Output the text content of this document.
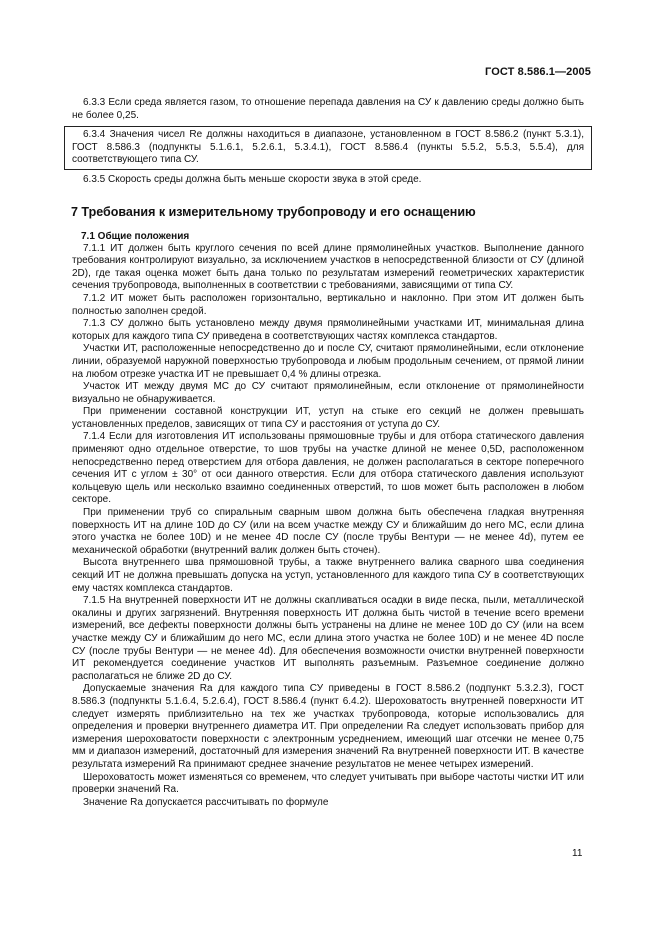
ГОСТ 8.586.1—2005

6.3.3 Если среда является газом, то отношение перепада давления на СУ к давлению среды должно быть не более 0,25.

6.3.4 Значения чисел Re должны находиться в диапазоне, установленном в ГОСТ 8.586.2 (пункт 5.3.1), ГОСТ 8.586.3 (подпункты 5.1.6.1, 5.2.6.1, 5.3.4.1), ГОСТ 8.586.4 (пункты 5.5.2, 5.5.3, 5.5.4), для соответствующего типа СУ.

6.3.5 Скорость среды должна быть меньше скорости звука в этой среде.

7 Требования к измерительному трубопроводу и его оснащению
7.1 Общие положения

7.1.1 ИТ должен быть круглого сечения по всей длине прямолинейных участков. Выполнение данного требования контролируют визуально, за исключением участков в непосредственной близости от СУ (длиной 2D), где такая оценка может быть дана только по результатам измерений геометрических характеристик сечения трубопровода, выполненных в соответствии с требованиями, зависящими от типа СУ.

7.1.2 ИТ может быть расположен горизонтально, вертикально и наклонно. При этом ИТ должен быть полностью заполнен средой.

7.1.3 СУ должно быть установлено между двумя прямолинейными участками ИТ, минимальная длина которых для каждого типа СУ приведена в соответствующих частях комплекса стандартов.

Участки ИТ, расположенные непосредственно до и после СУ, считают прямолинейными, если отклонение линии, образуемой наружной поверхностью трубопровода и любым продольным сечением, от прямой линии на любом отрезке участка ИТ не превышает 0,4 % длины отрезка.

Участок ИТ между двумя МС до СУ считают прямолинейным, если отклонение от прямолинейности визуально не обнаруживается.

При применении составной конструкции ИТ, уступ на стыке его секций не должен превышать установленных пределов, зависящих от типа СУ и расстояния от уступа до СУ.

7.1.4 Если для изготовления ИТ использованы прямошовные трубы и для отбора статического давления применяют одно отдельное отверстие, то шов трубы на участке длиной не менее 0,5D, расположенном непосредственно перед отверстием для отбора давления, не должен располагаться в секторе поперечного сечения ИТ с углом ± 30° от оси данного отверстия. Если для отбора статического давления используют кольцевую щель или несколько взаимно соединенных отверстий, то шов может быть расположен в любом секторе.

При применении труб со спиральным сварным швом должна быть обеспечена гладкая внутренняя поверхность ИТ на длине 10D до СУ (или на всем участке между СУ и ближайшим до него МС, если длина этого участка не более 10D) и не менее 4D после СУ (после трубы Вентури — не менее 4d), путем ее механической обработки (внутренний валик должен быть сточен).

Высота внутреннего шва прямошовной трубы, а также внутреннего валика сварного шва соединения секций ИТ не должна превышать допуска на уступ, установленного для каждого типа СУ в соответствующих ему частях комплекса стандартов.

7.1.5 На внутренней поверхности ИТ не должны скапливаться осадки в виде песка, пыли, металлической окалины и других загрязнений. Внутренняя поверхность ИТ должна быть чистой в течение всего времени измерений, все дефекты поверхности должны быть устранены на длине не менее 10D до СУ (или на всем участке между СУ и ближайшим до него МС, если длина этого участка не более 10D) и не менее 4D после СУ (после трубы Вентури — не менее 4d). Для обеспечения возможности очистки внутренней поверхности ИТ рекомендуется соединение участков ИТ выполнять разъемным. Разъемное соединение должно располагаться не ближе 2D до СУ.

Допускаемые значения Ra для каждого типа СУ приведены в ГОСТ 8.586.2 (подпункт 5.3.2.3), ГОСТ 8.586.3 (подпункты 5.1.6.4, 5.2.6.4), ГОСТ 8.586.4 (пункт 6.4.2). Шероховатость внутренней поверхности ИТ следует измерять приблизительно на тех же участках трубопровода, которые использовались для определения и проверки внутреннего диаметра ИТ. При определении Ra следует использовать прибор для измерения шероховатости поверхности с электронным усреднением, имеющий шаг отсечки не менее 0,75 мм и диапазон измерений, достаточный для измерения значений Ra внутренней поверхности ИТ. В качестве результата измерений Ra принимают среднее значение результатов не менее четырех измерений.

Шероховатость может изменяться со временем, что следует учитывать при выборе частоты чистки ИТ или проверки значений Ra.

Значение Ra допускается рассчитывать по формуле

11
